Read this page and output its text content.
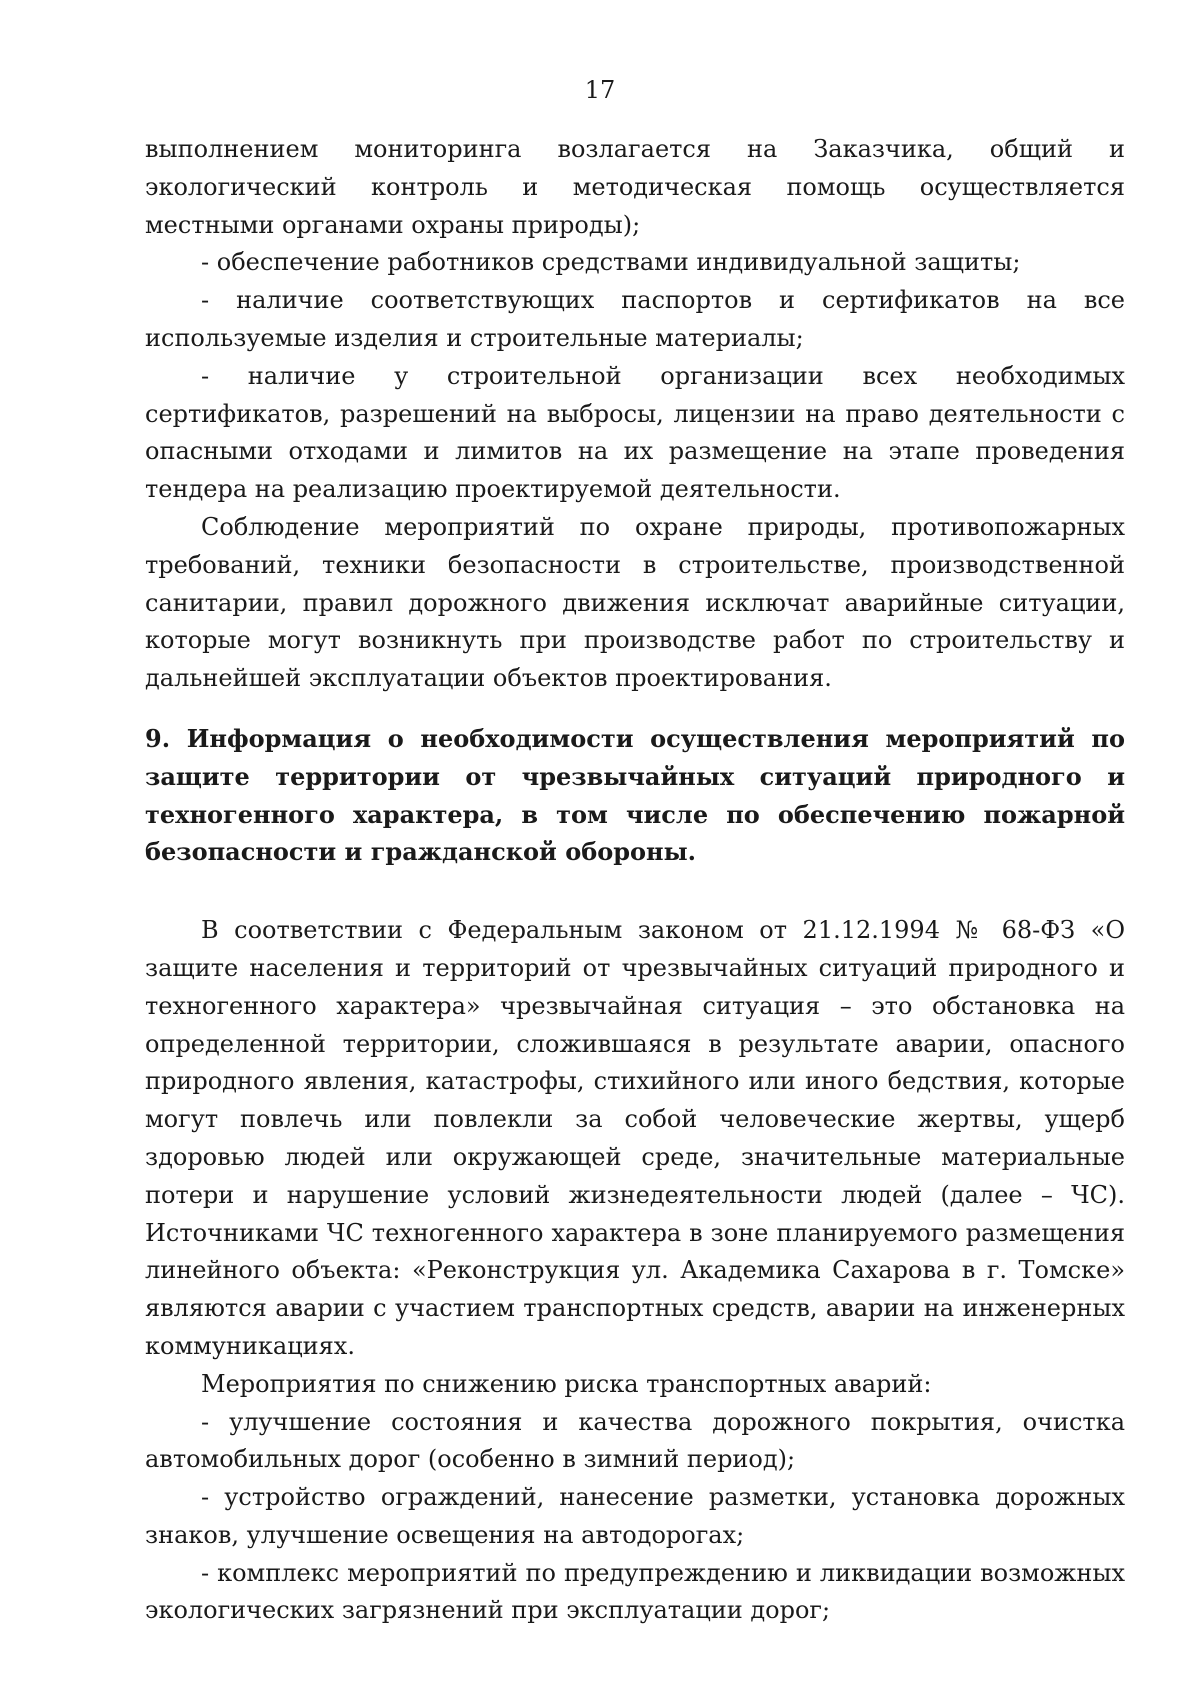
17

выполнением мониторинга возлагается на Заказчика, общий и экологический контроль и методическая помощь осуществляется местными органами охраны природы);

- обеспечение работников средствами индивидуальной защиты;

- наличие соответствующих паспортов и сертификатов на все используемые изделия и строительные материалы;

- наличие у строительной организации всех необходимых сертификатов, разрешений на выбросы, лицензии на право деятельности с опасными отходами и лимитов на их размещение на этапе проведения тендера на реализацию проектируемой деятельности.

Соблюдение мероприятий по охране природы, противопожарных требований, техники безопасности в строительстве, производственной санитарии, правил дорожного движения исключат аварийные ситуации, которые могут возникнуть при производстве работ по строительству и дальнейшей эксплуатации объектов проектирования.

9. Информация о необходимости осуществления мероприятий по защите территории от чрезвычайных ситуаций природного и техногенного характера, в том числе по обеспечению пожарной безопасности и гражданской обороны.

В соответствии с Федеральным законом от 21.12.1994 № 68-ФЗ «О защите населения и территорий от чрезвычайных ситуаций природного и техногенного характера» чрезвычайная ситуация – это обстановка на определенной территории, сложившаяся в результате аварии, опасного природного явления, катастрофы, стихийного или иного бедствия, которые могут повлечь или повлекли за собой человеческие жертвы, ущерб здоровью людей или окружающей среде, значительные материальные потери и нарушение условий жизнедеятельности людей (далее – ЧС). Источниками ЧС техногенного характера в зоне планируемого размещения линейного объекта: «Реконструкция ул. Академика Сахарова в г. Томске» являются аварии с участием транспортных средств, аварии на инженерных коммуникациях.

Мероприятия по снижению риска транспортных аварий:

- улучшение состояния и качества дорожного покрытия, очистка автомобильных дорог (особенно в зимний период);

- устройство ограждений, нанесение разметки, установка дорожных знаков, улучшение освещения на автодорогах;

- комплекс мероприятий по предупреждению и ликвидации возможных экологических загрязнений при эксплуатации дорог;
